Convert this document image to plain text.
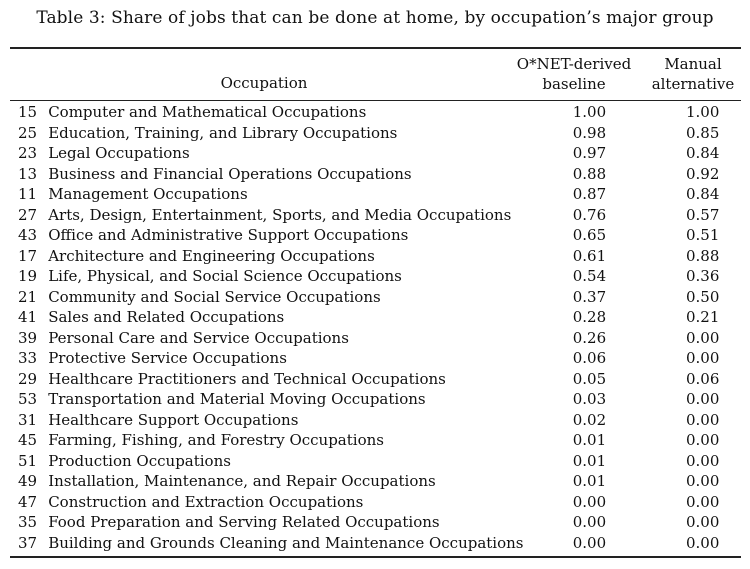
Table 3: Share of jobs that can be done at home, by occupation’s major group
Occupation
O*NET-derived
baseline
Manual
alternative
15	Computer and Mathematical Occupations	1.00	1.00
25	Education, Training, and Library Occupations	0.98	0.85
23	Legal Occupations	0.97	0.84
13	Business and Financial Operations Occupations	0.88	0.92
11	Management Occupations	0.87	0.84
27	Arts, Design, Entertainment, Sports, and Media Occupations	0.76	0.57
43	Office and Administrative Support Occupations	0.65	0.51
17	Architecture and Engineering Occupations	0.61	0.88
19	Life, Physical, and Social Science Occupations	0.54	0.36
21	Community and Social Service Occupations	0.37	0.50
41	Sales and Related Occupations	0.28	0.21
39	Personal Care and Service Occupations	0.26	0.00
33	Protective Service Occupations	0.06	0.00
29	Healthcare Practitioners and Technical Occupations	0.05	0.06
53	Transportation and Material Moving Occupations	0.03	0.00
31	Healthcare Support Occupations	0.02	0.00
45	Farming, Fishing, and Forestry Occupations	0.01	0.00
51	Production Occupations	0.01	0.00
49	Installation, Maintenance, and Repair Occupations	0.01	0.00
47	Construction and Extraction Occupations	0.00	0.00
35	Food Preparation and Serving Related Occupations	0.00	0.00
37	Building and Grounds Cleaning and Maintenance Occupations	0.00	0.00
